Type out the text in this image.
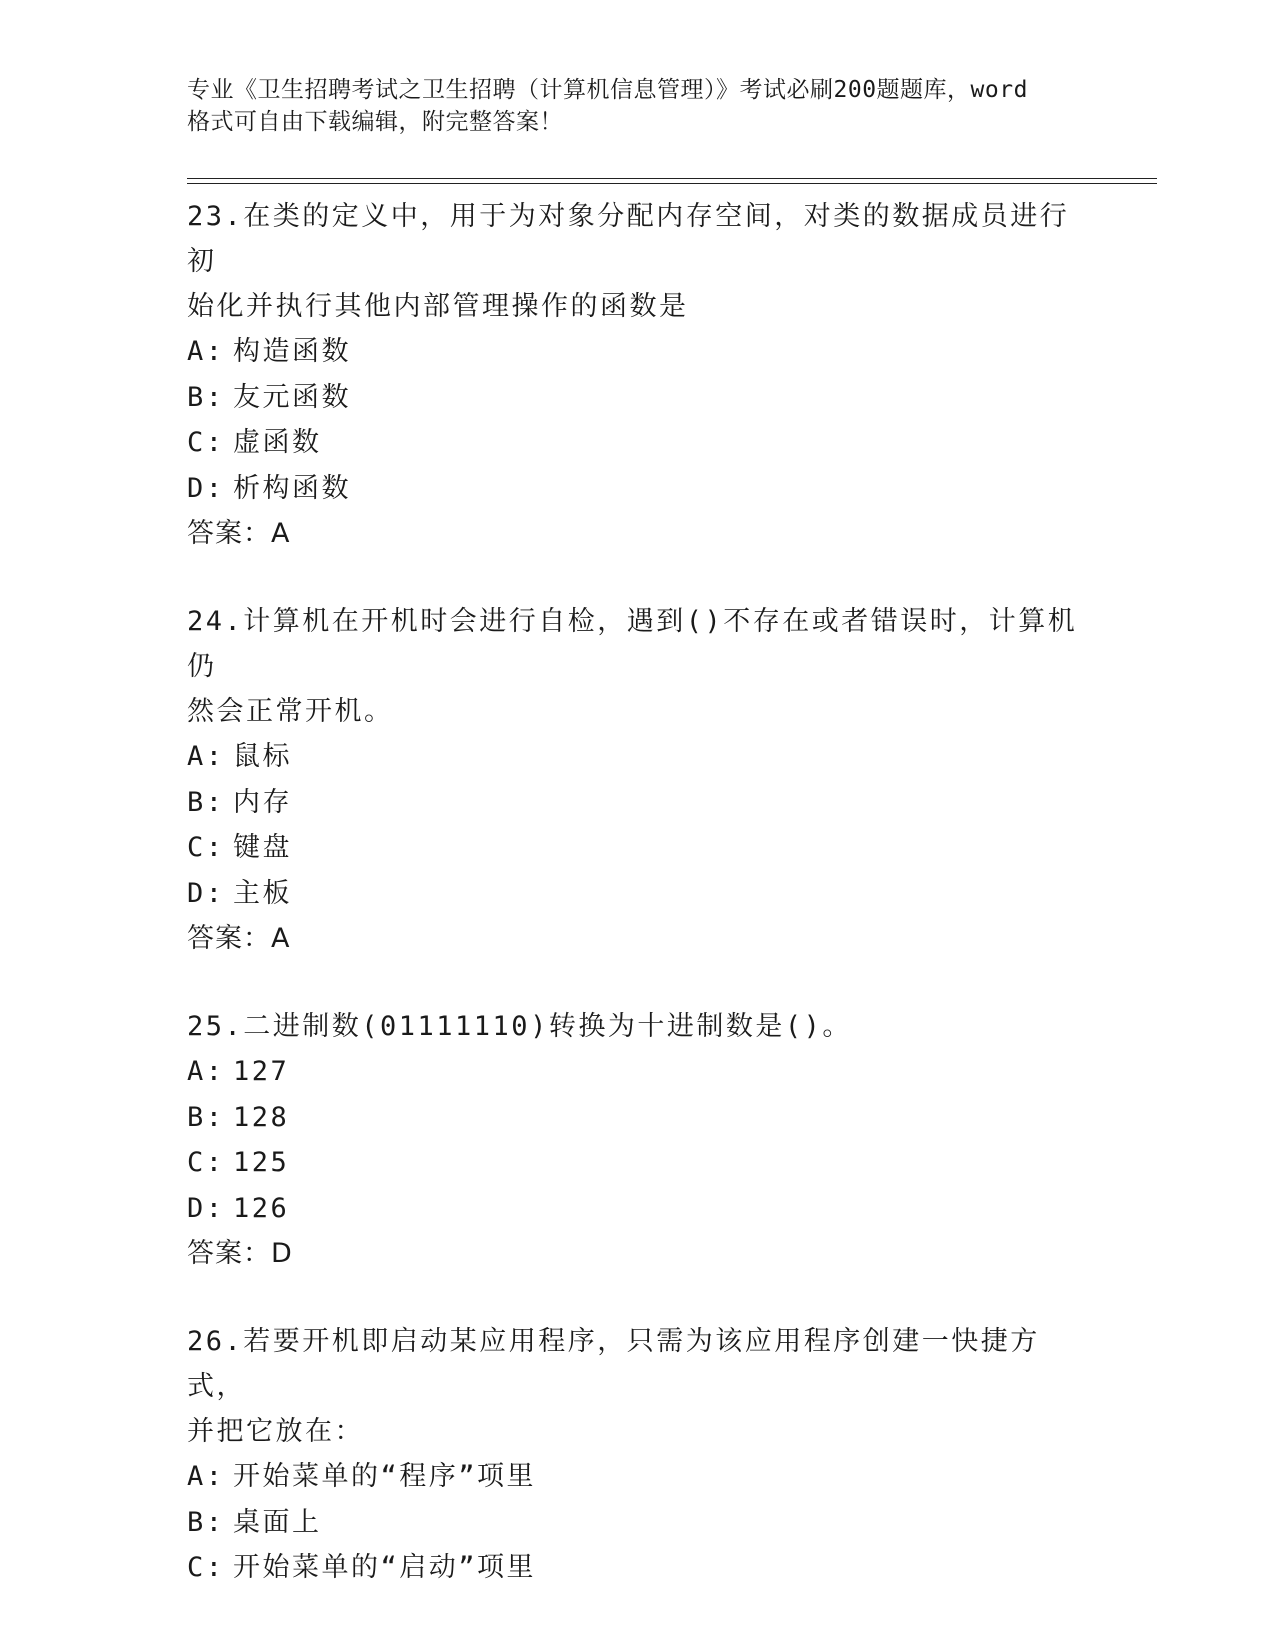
专业《卫生招聘考试之卫生招聘（计算机信息管理）》考试必刷200题题库，word
格式可自由下载编辑，附完整答案！
23.在类的定义中，用于为对象分配内存空间，对类的数据成员进行初
始化并执行其他内部管理操作的函数是
A: 构造函数
B: 友元函数
C: 虚函数
D: 析构函数
答案：A
24.计算机在开机时会进行自检，遇到()不存在或者错误时，计算机仍
然会正常开机。
A: 鼠标
B: 内存
C: 键盘
D: 主板
答案：A
25.二进制数(01111110)转换为十进制数是()。
A: 127
B: 128
C: 125
D: 126
答案：D
26.若要开机即启动某应用程序，只需为该应用程序创建一快捷方式，
并把它放在：
A: 开始菜单的“程序”项里
B: 桌面上
C: 开始菜单的“启动”项里
